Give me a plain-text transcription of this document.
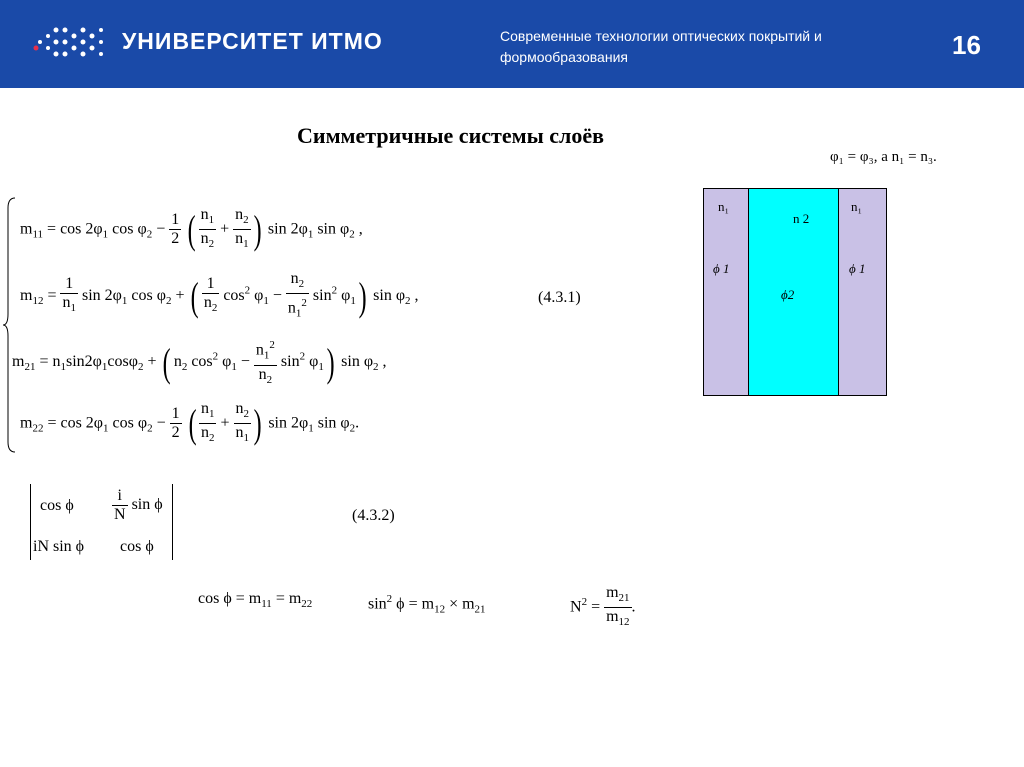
УНИВЕРСИТЕТ ИТМО	Современные технологии оптических покрытий и формообразования	16
Симметричные системы слоёв
φ₁ = φ₃, а n₁ = n₃.
$m_{11} = \cos 2\varphi_1$ $\cos \varphi_2 - \frac{1}{2}$ ( $\frac{n_1}{n_2} + \frac{n_2}{n_1}$ ) $\sin 2\varphi_1$ $\sin \varphi_2$ ,
$m_{12} = \frac{1}{n_1}$ $\sin 2\varphi_1$ $\cos \varphi_2$ + ( $\frac{1}{n_2} \cos^2 \varphi_1 - \frac{n_2}{n_1^2} \sin^2 \varphi_1$) $\sin \varphi_2$ ,	(4.3.1)
$m_{21} = n_1\sin 2\varphi_1\cos\varphi_2$ + ( $n_2$ $\cos^2 \varphi_1 - \frac{n_1^2}{n_2} \sin^2 \varphi_1$) $\sin \varphi_2$ ,
$m_{22} = \cos 2\varphi_1$ $\cos \varphi_2 - \frac{1}{2}$ ( $\frac{n_1}{n_2} + \frac{n_2}{n_1}$ ) $\sin 2\varphi_1$ $\sin \varphi_2$.
cos ϕ $\frac{i}{N}$ sin ϕ
iN sin ϕ cos ϕ
(4.3.2)
$\cos \phi = m_{11} = m_{22}$	$\sin^2 \phi = m_{12} \times m_{21}$	$N^2 = \frac{m_{21}}{m_{12}}$ .
n₁
ϕ 1
n 2
ϕ2
n₁
ϕ 1
